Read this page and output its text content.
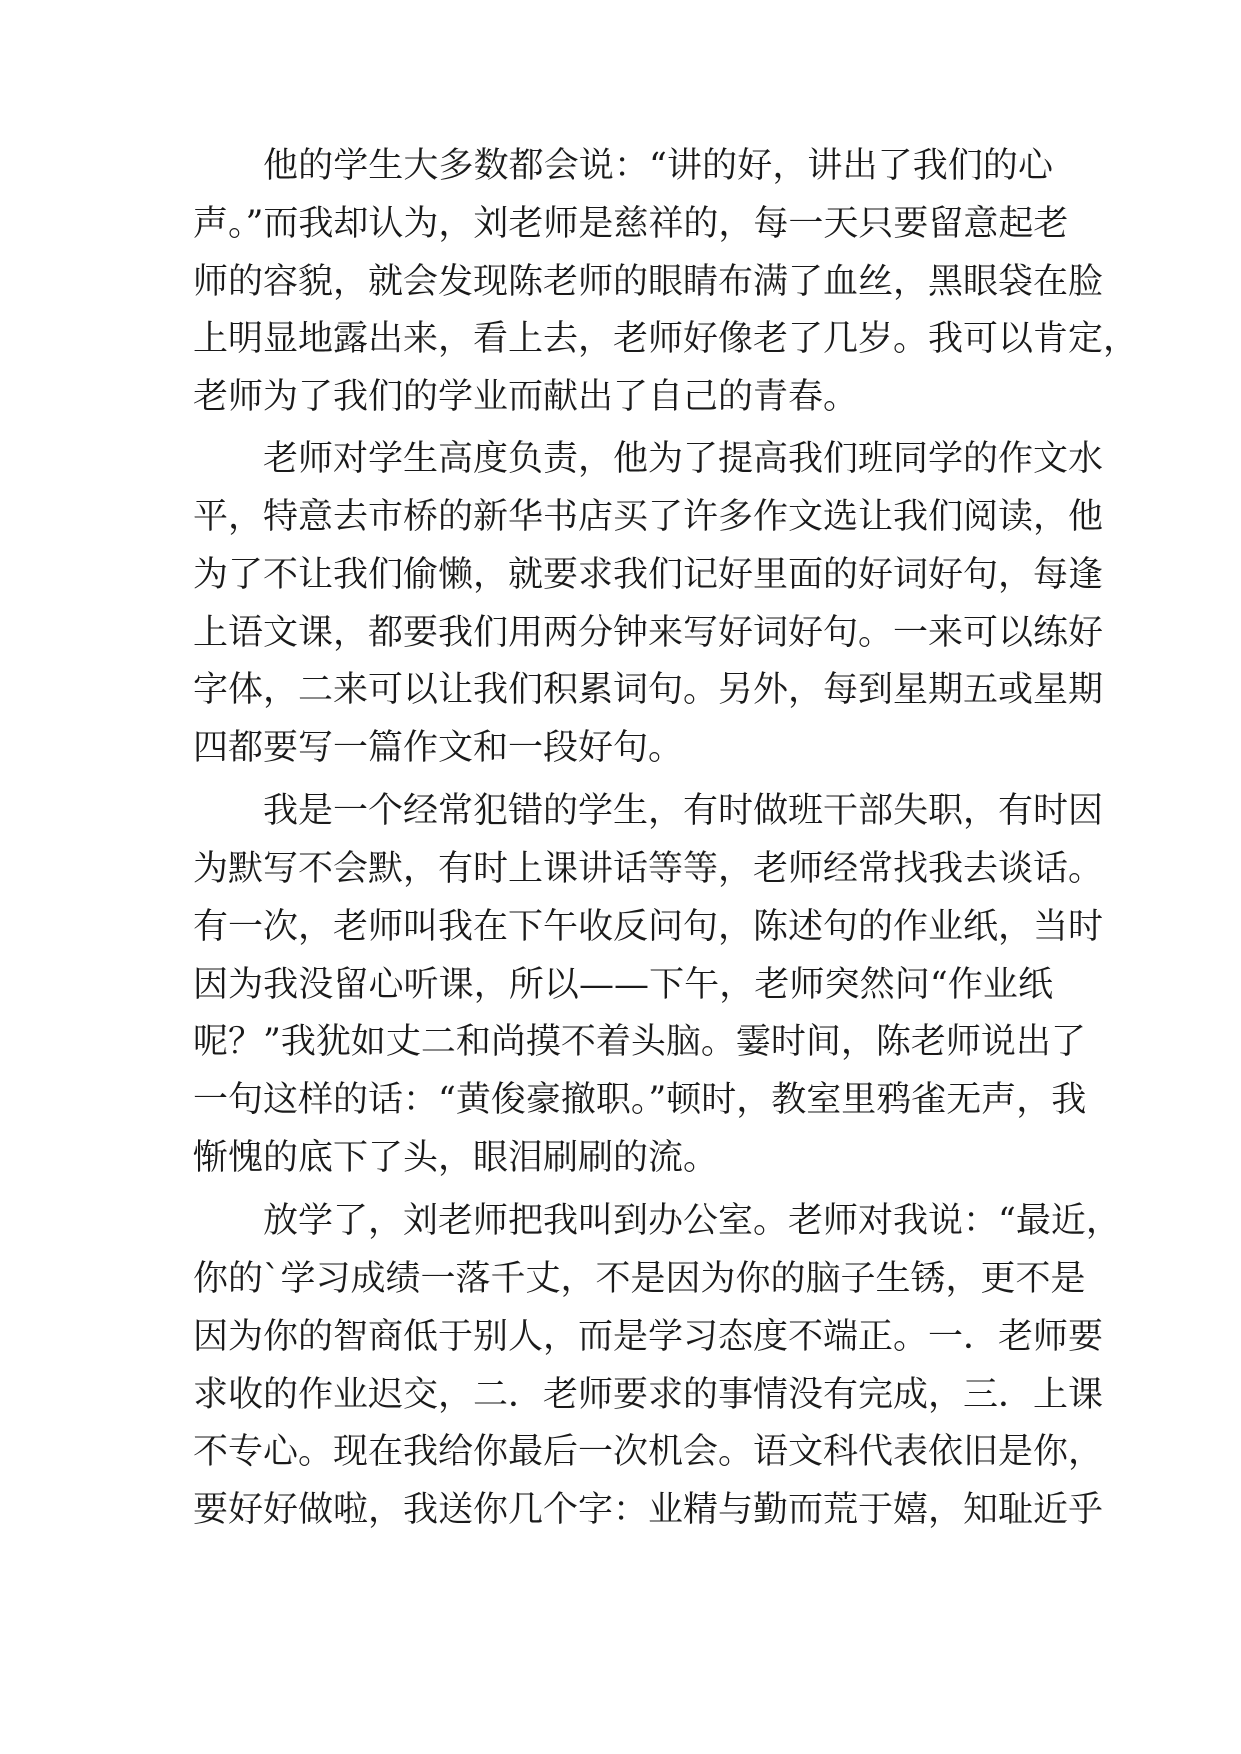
他的学生大多数都会说：“讲的好，讲出了我们的心
声。”而我却认为，刘老师是慈祥的，每一天只要留意起老
师的容貌，就会发现陈老师的眼睛布满了血丝，黑眼袋在脸
上明显地露出来，看上去，老师好像老了几岁。我可以肯定，
老师为了我们的学业而献出了自己的青春。
老师对学生高度负责，他为了提高我们班同学的作文水
平，特意去市桥的新华书店买了许多作文选让我们阅读，他
为了不让我们偷懒，就要求我们记好里面的好词好句，每逢
上语文课，都要我们用两分钟来写好词好句。一来可以练好
字体，二来可以让我们积累词句。另外，每到星期五或星期
四都要写一篇作文和一段好句。
我是一个经常犯错的学生，有时做班干部失职，有时因
为默写不会默，有时上课讲话等等，老师经常找我去谈话。
有一次，老师叫我在下午收反问句，陈述句的作业纸，当时
因为我没留心听课，所以——下午，老师突然问“作业纸
呢？”我犹如丈二和尚摸不着头脑。霎时间，陈老师说出了
一句这样的话：“黄俊豪撤职。”顿时，教室里鸦雀无声，我
惭愧的底下了头，眼泪刷刷的流。
放学了，刘老师把我叫到办公室。老师对我说：“最近，
你的`学习成绩一落千丈，不是因为你的脑子生锈，更不是
因为你的智商低于别人，而是学习态度不端正。一．老师要
求收的作业迟交，二．老师要求的事情没有完成，三．上课
不专心。现在我给你最后一次机会。语文科代表依旧是你，
要好好做啦，我送你几个字：业精与勤而荒于嬉，知耻近乎
